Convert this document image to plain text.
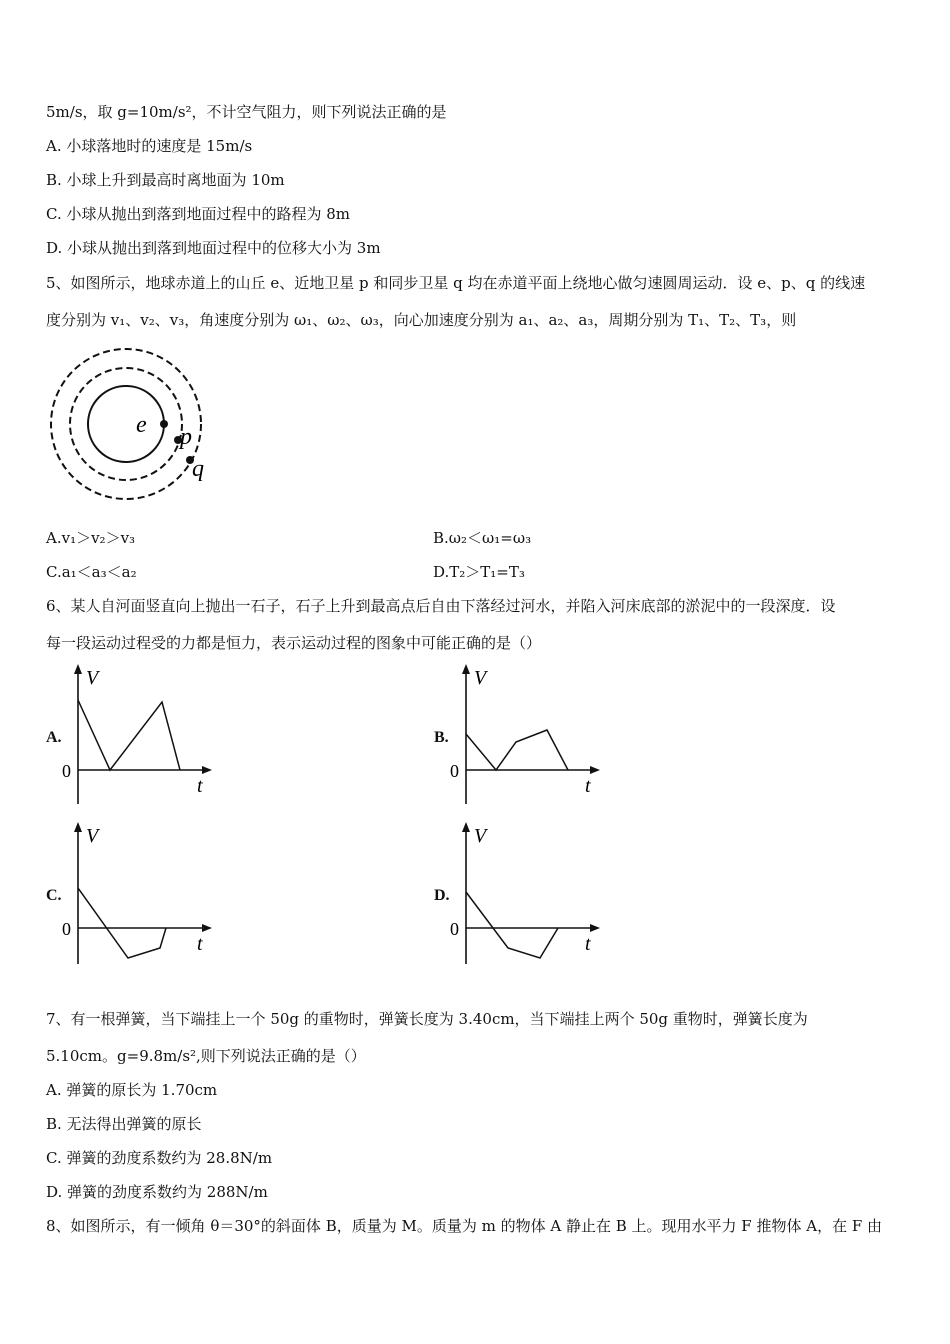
5m/s，取 g=10m/s²，不计空气阻力，则下列说法正确的是
A. 小球落地时的速度是 15m/s
B. 小球上升到最高时离地面为 10m
C. 小球从抛出到落到地面过程中的路程为 8m
D. 小球从抛出到落到地面过程中的位移大小为 3m
5、如图所示，地球赤道上的山丘 e、近地卫星 p 和同步卫星 q 均在赤道平面上绕地心做匀速圆周运动．设 e、p、q 的线速
度分别为 v₁、v₂、v₃，角速度分别为 ω₁、ω₂、ω₃，向心加速度分别为 a₁、a₂、a₃，周期分别为 T₁、T₂、T₃，则
e p
q
A.v₁＞v₂＞v₃	B.ω₂＜ω₁=ω₃
C.a₁＜a₃＜a₂	D.T₂＞T₁=T₃
6、某人自河面竖直向上抛出一石子，石子上升到最高点后自由下落经过河水，并陷入河床底部的淤泥中的一段深度．设
每一段运动过程受的力都是恒力，表示运动过程的图象中可能正确的是（）
A.
V
t
0
B.
V
t
0
C.
V
t
0
D.
V
t
0
7、有一根弹簧，当下端挂上一个 50g 的重物时，弹簧长度为 3.40cm，当下端挂上两个 50g 重物时，弹簧长度为
5.10cm。g=9.8m/s²,则下列说法正确的是（）
A. 弹簧的原长为 1.70cm
B. 无法得出弹簧的原长
C. 弹簧的劲度系数约为 28.8N/m
D. 弹簧的劲度系数约为 288N/m
8、如图所示，有一倾角 θ＝30°的斜面体 B，质量为 M。质量为 m 的物体 A 静止在 B 上。现用水平力 F 推物体 A，在 F 由
